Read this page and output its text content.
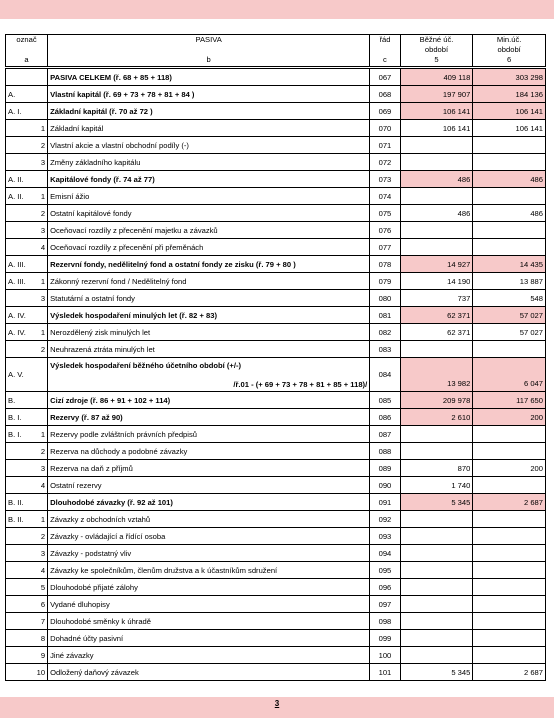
označ		PASIVA	řád	Běžné úč.	Min.úč.
				období	období
a		b	c	5	6
		PASIVA CELKEM (ř. 68 + 85 + 118)	067	409 118	303 298
A.		Vlastní kapitál (ř. 69 + 73 + 78 + 81 + 84 )	068	197 907	184 136
A. I.		Základní kapitál (ř. 70 až 72 )	069	106 141	106 141
	1	Základní kapitál	070	106 141	106 141
	2	Vlastní akcie a vlastní obchodní podíly (-)	071		
	3	Změny základního kapitálu	072		
A. II.		Kapitálové fondy (ř. 74 až 77)	073	486	486
A. II.	1	Emisní ážio	074		
	2	Ostatní kapitálové fondy	075	486	486
	3	Oceňovací rozdíly z přecenění majetku a závazků	076		
	4	Oceňovací rozdíly z přecenění při přeměnách	077		
A. III.		Rezervní fondy, nedělitelný fond a ostatní fondy ze zisku (ř. 79 + 80 )	078	14 927	14 435
A. III.	1	Zákonný rezervní fond / Nedělitelný fond	079	14 190	13 887
	3	Statutární a ostatní fondy	080	737	548
A. IV.		Výsledek hospodaření minulých let (ř. 82 + 83)	081	62 371	57 027
A. IV.	1	Nerozdělený zisk minulých let	082	62 371	57 027
	2	Neuhrazená ztráta minulých let	083		
A. V.		Výsledek hospodaření běžného účetního období (+/-)
/ř.01 - (+ 69 + 73 + 78 + 81 + 85 + 118)/	084	13 982	6 047
B.		Cizí zdroje (ř. 86 + 91 + 102 + 114)	085	209 978	117 650
B. I.		Rezervy (ř. 87 až 90)	086	2 610	200
B. I.	1	Rezervy podle zvláštních právních předpisů	087		
	2	Rezerva na důchody a podobné závazky	088		
	3	Rezerva na daň z příjmů	089	870	200
	4	Ostatní rezervy	090	1 740	
B. II.		Dlouhodobé závazky (ř. 92 až 101)	091	5 345	2 687
B. II.	1	Závazky z obchodních vztahů	092		
	2	Závazky - ovládající a řídící osoba	093		
	3	Závazky - podstatný vliv	094		
	4	Závazky ke společníkům, členům družstva a k účastníkům sdružení	095		
	5	Dlouhodobé přijaté zálohy	096		
	6	Vydané dluhopisy	097		
	7	Dlouhodobé směnky k úhradě	098		
	8	Dohadné účty pasivní	099		
	9	Jiné závazky	100		
	10	Odložený daňový závazek	101	5 345	2 687
3
